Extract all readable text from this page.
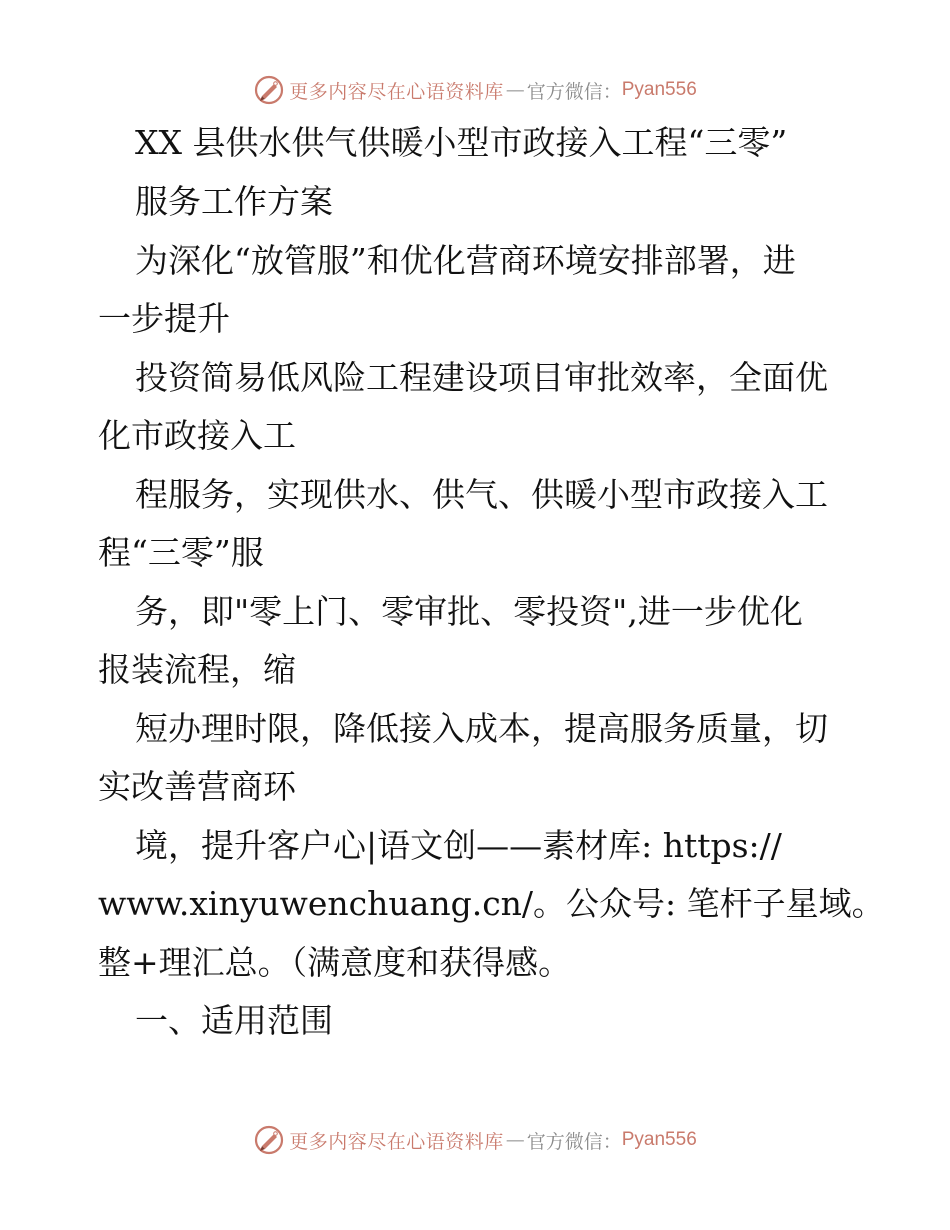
更多内容尽在心语资料库 — 官方微信： Pyan556
XX 县供水供气供暖小型市政接入工程“三零”
服务工作方案
为深化“放管服”和优化营商环境安排部署，进
一步提升
投资简易低风险工程建设项目审批效率，全面优
化市政接入工
程服务，实现供水、供气、供暖小型市政接入工
程“三零”服
务，即"零上门、零审批、零投资",进一步优化
报装流程，缩
短办理时限，降低接入成本，提高服务质量，切
实改善营商环
境，提升客户心|语文创——素材库: https://
www.xinyuwenchuang.cn/。公众号: 笔杆子星域。
整+理汇总。（满意度和获得感。
一、适用范围
更多内容尽在心语资料库 — 官方微信： Pyan556
